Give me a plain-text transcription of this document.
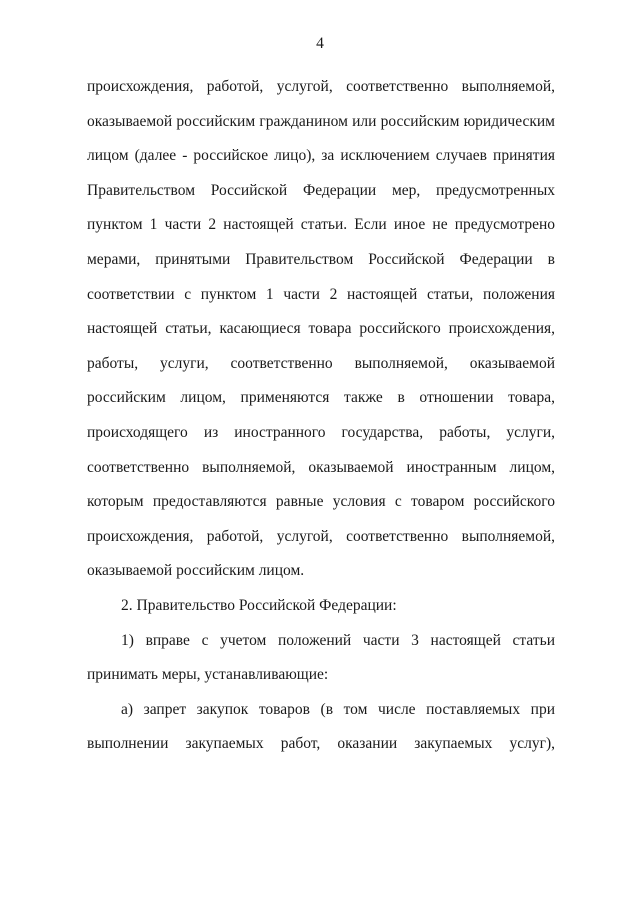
4

происхождения, работой, услугой, соответственно выполняемой, оказываемой российским гражданином или российским юридическим лицом (далее - российское лицо), за исключением случаев принятия Правительством Российской Федерации мер, предусмотренных пунктом 1 части 2 настоящей статьи. Если иное не предусмотрено мерами, принятыми Правительством Российской Федерации в соответствии с пунктом 1 части 2 настоящей статьи, положения настоящей статьи, касающиеся товара российского происхождения, работы, услуги, соответственно выполняемой, оказываемой российским лицом, применяются также в отношении товара, происходящего из иностранного государства, работы, услуги, соответственно выполняемой, оказываемой иностранным лицом, которым предоставляются равные условия с товаром российского происхождения, работой, услугой, соответственно выполняемой, оказываемой российским лицом.

2. Правительство Российской Федерации:

1) вправе с учетом положений части 3 настоящей статьи принимать меры, устанавливающие:

а) запрет закупок товаров (в том числе поставляемых при выполнении закупаемых работ, оказании закупаемых услуг),
